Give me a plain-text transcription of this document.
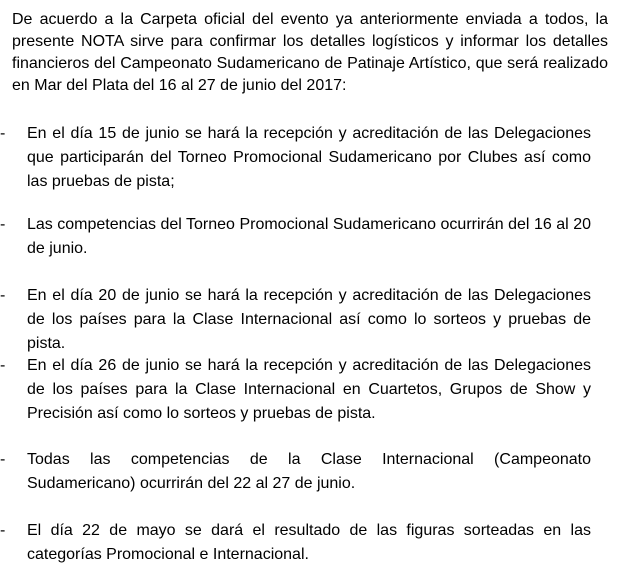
De acuerdo a la Carpeta oficial del evento ya anteriormente enviada a todos, la presente NOTA sirve para confirmar los detalles logísticos y informar los detalles financieros del Campeonato Sudamericano de Patinaje Artístico, que será realizado en Mar del Plata del 16 al 27 de junio del 2017:

-	En el día 15 de junio se hará la recepción y acreditación de las Delegaciones que participarán del Torneo Promocional Sudamericano por Clubes así como las pruebas de pista;
-	Las competencias del Torneo Promocional Sudamericano ocurrirán del 16 al 20 de junio.
-	En el día 20 de junio se hará la recepción y acreditación de las Delegaciones de los países para la Clase Internacional así como lo sorteos y pruebas de pista.
-	En el día 26 de junio se hará la recepción y acreditación de las Delegaciones de los países para la Clase Internacional en Cuartetos, Grupos de Show y Precisión así como lo sorteos y pruebas de pista.
-	Todas las competencias de la Clase Internacional (Campeonato Sudamericano) ocurrirán del 22 al 27 de junio.
-	El día 22 de mayo se dará el resultado de las figuras sorteadas en las categorías Promocional e Internacional.
